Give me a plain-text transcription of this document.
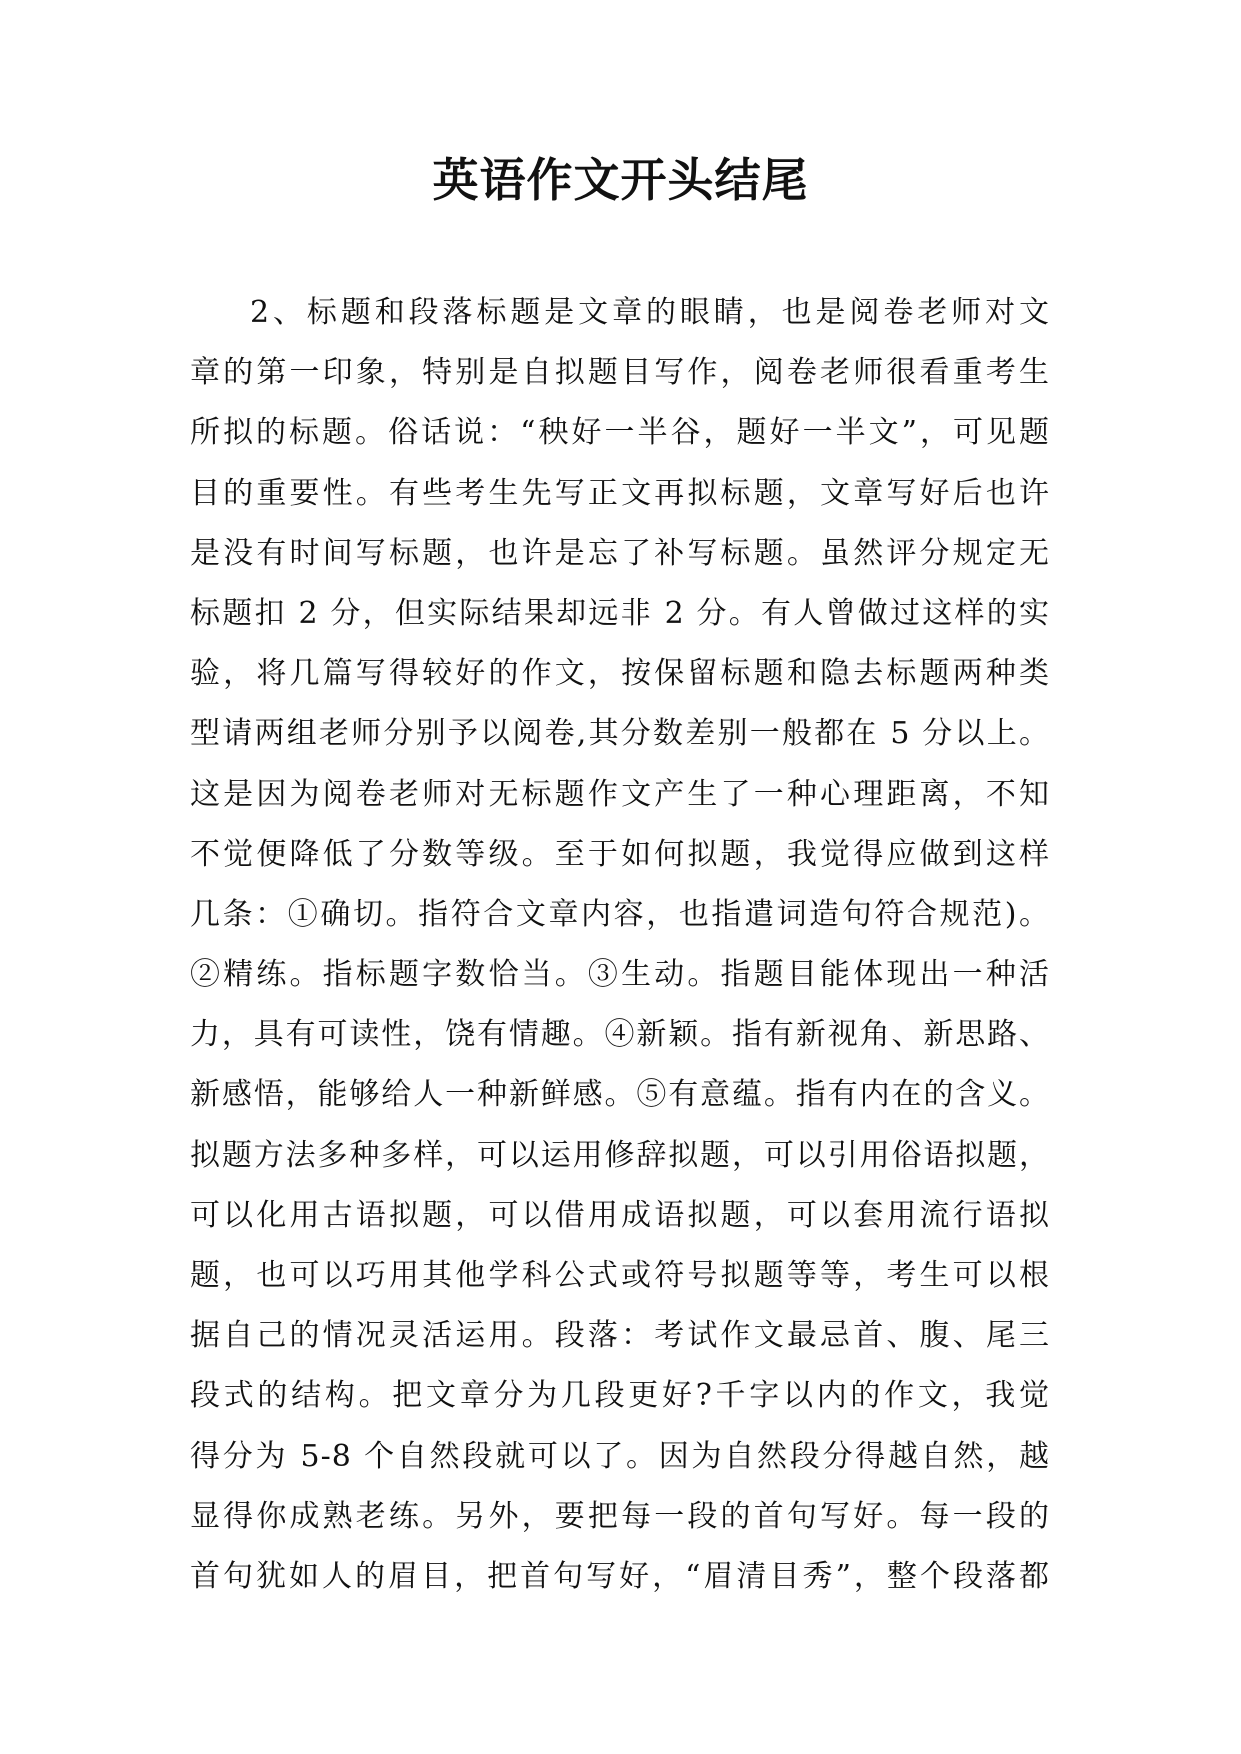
英语作文开头结尾
2、标题和段落标题是文章的眼睛，也是阅卷老师对文
章的第一印象，特别是自拟题目写作，阅卷老师很看重考生
所拟的标题。俗话说：“秧好一半谷，题好一半文”，可见题
目的重要性。有些考生先写正文再拟标题，文章写好后也许
是没有时间写标题，也许是忘了补写标题。虽然评分规定无
标题扣 2 分，但实际结果却远非 2 分。有人曾做过这样的实
验，将几篇写得较好的作文，按保留标题和隐去标题两种类
型请两组老师分别予以阅卷,其分数差别一般都在 5 分以上。
这是因为阅卷老师对无标题作文产生了一种心理距离，不知
不觉便降低了分数等级。至于如何拟题，我觉得应做到这样
几条：①确切。指符合文章内容，也指遣词造句符合规范)。
②精练。指标题字数恰当。③生动。指题目能体现出一种活
力，具有可读性，饶有情趣。④新颖。指有新视角、新思路、
新感悟，能够给人一种新鲜感。⑤有意蕴。指有内在的含义。
拟题方法多种多样，可以运用修辞拟题，可以引用俗语拟题，
可以化用古语拟题，可以借用成语拟题，可以套用流行语拟
题，也可以巧用其他学科公式或符号拟题等等，考生可以根
据自己的情况灵活运用。段落：考试作文最忌首、腹、尾三
段式的结构。把文章分为几段更好?千字以内的作文，我觉
得分为 5-8 个自然段就可以了。因为自然段分得越自然，越
显得你成熟老练。另外，要把每一段的首句写好。每一段的
首句犹如人的眉目，把首句写好，“眉清目秀”，整个段落都
